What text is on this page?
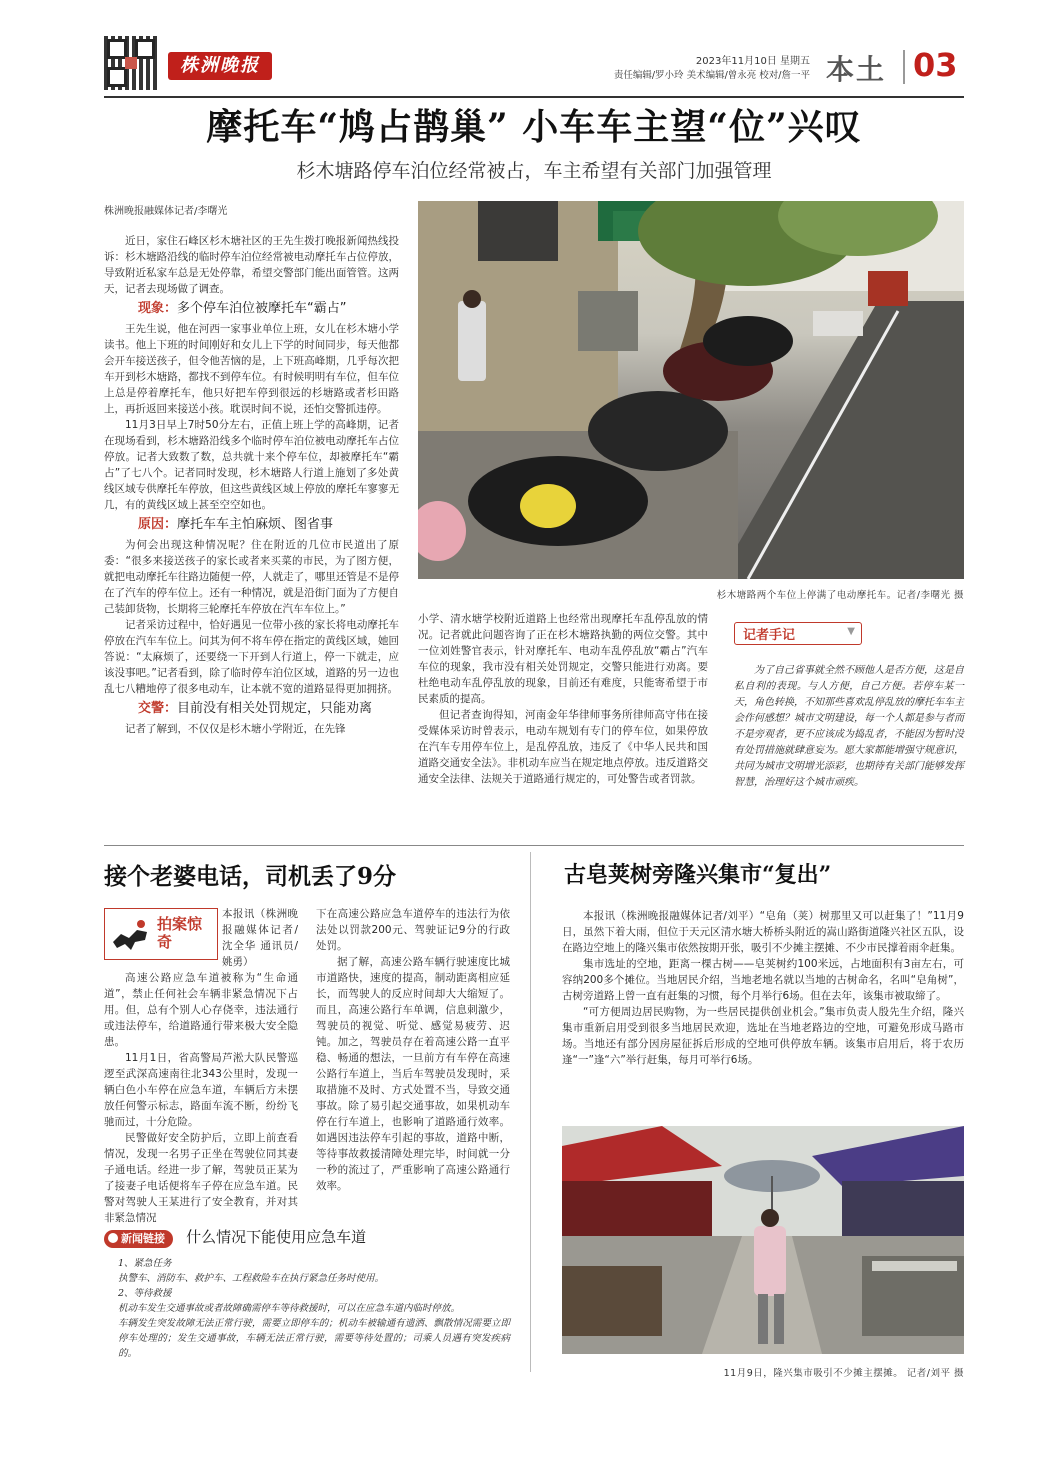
株洲晚报	2023年11月10日 星期五
责任编辑/罗小玲 美术编辑/曾永亮 校对/詹一平 本土 03
摩托车“鸠占鹊巢” 小车车主望“位”兴叹
杉木塘路停车泊位经常被占，车主希望有关部门加强管理
株洲晚报融媒体记者/李曙光

近日，家住石峰区杉木塘社区的王先生拨打晚报新闻热线投诉：杉木塘路沿线的临时停车泊位经常被电动摩托车占位停放，导致附近私家车总是无处停靠，希望交警部门能出面管管。这两天，记者去现场做了调查。

现象：多个停车泊位被摩托车“霸占”

王先生说，他在河西一家事业单位上班，女儿在杉木塘小学读书。他上下班的时间刚好和女儿上下学的时间同步，每天他都会开车接送孩子，但令他苦恼的是，上下班高峰期，几乎每次把车开到杉木塘路，都找不到停车位。有时候明明有车位，但车位上总是停着摩托车，他只好把车停到很远的杉塘路或者杉田路上，再折返回来接送小孩。耽误时间不说，还怕交警抓违停。

11月3日早上7时50分左右，正值上班上学的高峰期，记者在现场看到，杉木塘路沿线多个临时停车泊位被电动摩托车占位停放。记者大致数了数，总共就十来个停车位，却被摩托车“霸占”了七八个。记者同时发现，杉木塘路人行道上施划了多处黄线区域专供摩托车停放，但这些黄线区域上停放的摩托车寥寥无几，有的黄线区域上甚至空空如也。

原因：摩托车车主怕麻烦、图省事

为何会出现这种情况呢？住在附近的几位市民道出了原委：“很多来接送孩子的家长或者来买菜的市民，为了图方便，就把电动摩托车往路边随便一停，人就走了，哪里还管是不是停在了汽车的停车位上。还有一种情况，就是沿街门面为了方便自己装卸货物，长期将三轮摩托车停放在汽车车位上。”

记者采访过程中，恰好遇见一位带小孩的家长将电动摩托车停放在汽车车位上。问其为何不将车停在指定的黄线区域，她回答说：“太麻烦了，还要绕一下开到人行道上，停一下就走，应该没事吧。”记者看到，除了临时停车泊位区域，道路的另一边也乱七八糟地停了很多电动车，让本就不宽的道路显得更加拥挤。

交警：目前没有相关处罚规定，只能劝离

记者了解到，不仅仅是杉木塘小学附近，在先锋

杉木塘路两个车位上停满了电动摩托车。记者/李曙光 摄

小学、清水塘学校附近道路上也经常出现摩托车乱停乱放的情况。记者就此问题咨询了正在杉木塘路执勤的两位交警。其中一位刘姓警官表示，针对摩托车、电动车乱停乱放“霸占”汽车车位的现象，我市没有相关处罚规定，交警只能进行劝离。要杜绝电动车乱停乱放的现象，目前还有难度，只能寄希望于市民素质的提高。

但记者查询得知，河南金年华律师事务所律师高守伟在接受媒体采访时曾表示，电动车规划有专门的停车位，如果停放在汽车专用停车位上，是乱停乱放，违反了《中华人民共和国道路交通安全法》。非机动车应当在规定地点停放。违反道路交通安全法律、法规关于道路通行规定的，可处警告或者罚款。

记者手记	▼

为了自己省事就全然不顾他人是否方便，这是自私自利的表现。与人方便，自己方便。若停车某一天，角色转换，不知那些喜欢乱停乱放的摩托车车主会作何感想？城市文明建设，每一个人都是参与者而不是旁观者，更不应该成为捣乱者，不能因为暂时没有处罚措施就肆意妄为。愿大家都能增强守规意识，共同为城市文明增光添彩，也期待有关部门能够发挥智慧，治理好这个城市顽疾。

接个老婆电话，司机丢了9分
拍案惊奇

本报讯（株洲晚报融媒体记者/沈全华 通讯员/姚勇）

高速公路应急车道被称为“生命通道”，禁止任何社会车辆非紧急情况下占用。但，总有个别人心存侥幸，违法通行或违法停车，给道路通行带来极大安全隐患。

11月1日，省高警局芦淞大队民警巡逻至武深高速南往北343公里时，发现一辆白色小车停在应急车道，车辆后方未摆放任何警示标志，路面车流不断，纷纷飞驰而过，十分危险。

民警做好安全防护后，立即上前查看情况，发现一名男子正坐在驾驶位同其妻子通电话。经进一步了解，驾驶员正某为了接妻子电话便将车子停在应急车道。民警对驾驶人王某进行了安全教育，并对其非紧急情况

下在高速公路应急车道停车的违法行为依法处以罚款200元、驾驶证记9分的行政处罚。

据了解，高速公路车辆行驶速度比城市道路快，速度的提高，制动距离相应延长，而驾驶人的反应时间却大大缩短了。而且，高速公路行车单调，信息刺激少，驾驶员的视觉、听觉、感觉易疲劳、迟钝。加之，驾驶员存在着高速公路一直平稳、畅通的想法，一旦前方有车停在高速公路行车道上，当后车驾驶员发现时，采取措施不及时、方式处置不当，导致交通事故。除了易引起交通事故，如果机动车停在行车道上，也影响了道路通行效率。如遇因违法停车引起的事故，道路中断，等待事故救援清障处理完毕，时间就一分一秒的流过了，严重影响了高速公路通行效率。

新闻链接 什么情况下能使用应急车道

1、紧急任务

执警车、消防车、救护车、工程救险车在执行紧急任务时使用。

2、等待救援

机动车发生交通事故或者故障确需停车等待救援时，可以在应急车道内临时停放。

车辆发生突发故障无法正常行驶，需要立即停车的；机动车被输通有遗洒、飘散情况需要立即停车处理的；发生交通事故，车辆无法正常行驶，需要等待处置的；司乘人员遇有突发疾病的。

古皂荚树旁隆兴集市“复出”

本报讯（株洲晚报融媒体记者/刘平）“皂角（荚）树那里又可以赶集了！”11月9日，虽然下着大雨，但位于天元区清水塘大桥桥头附近的嵩山路街道隆兴社区五队，设在路边空地上的隆兴集市依然按期开张，吸引不少摊主摆摊、不少市民撑着雨伞赶集。

集市选址的空地，距离一棵古树——皂荚树约100米远，占地面积有3亩左右，可容纳200多个摊位。当地居民介绍，当地老地名就以当地的古树命名，名叫“皂角树”，古树旁道路上曾一直有赶集的习惯，每个月举行6场。但在去年，该集市被取缔了。

“可方便周边居民购物，为一些居民提供创业机会。”集市负责人殷先生介绍，隆兴集市重新启用受到很多当地居民欢迎，选址在当地老路边的空地，可避免形成马路市场。当地还有部分因房屋征拆后形成的空地可供停放车辆。该集市启用后，将于农历逢“一”逢“六”举行赶集，每月可举行6场。

11月9日，隆兴集市吸引不少摊主摆摊。 记者/刘平 摄
